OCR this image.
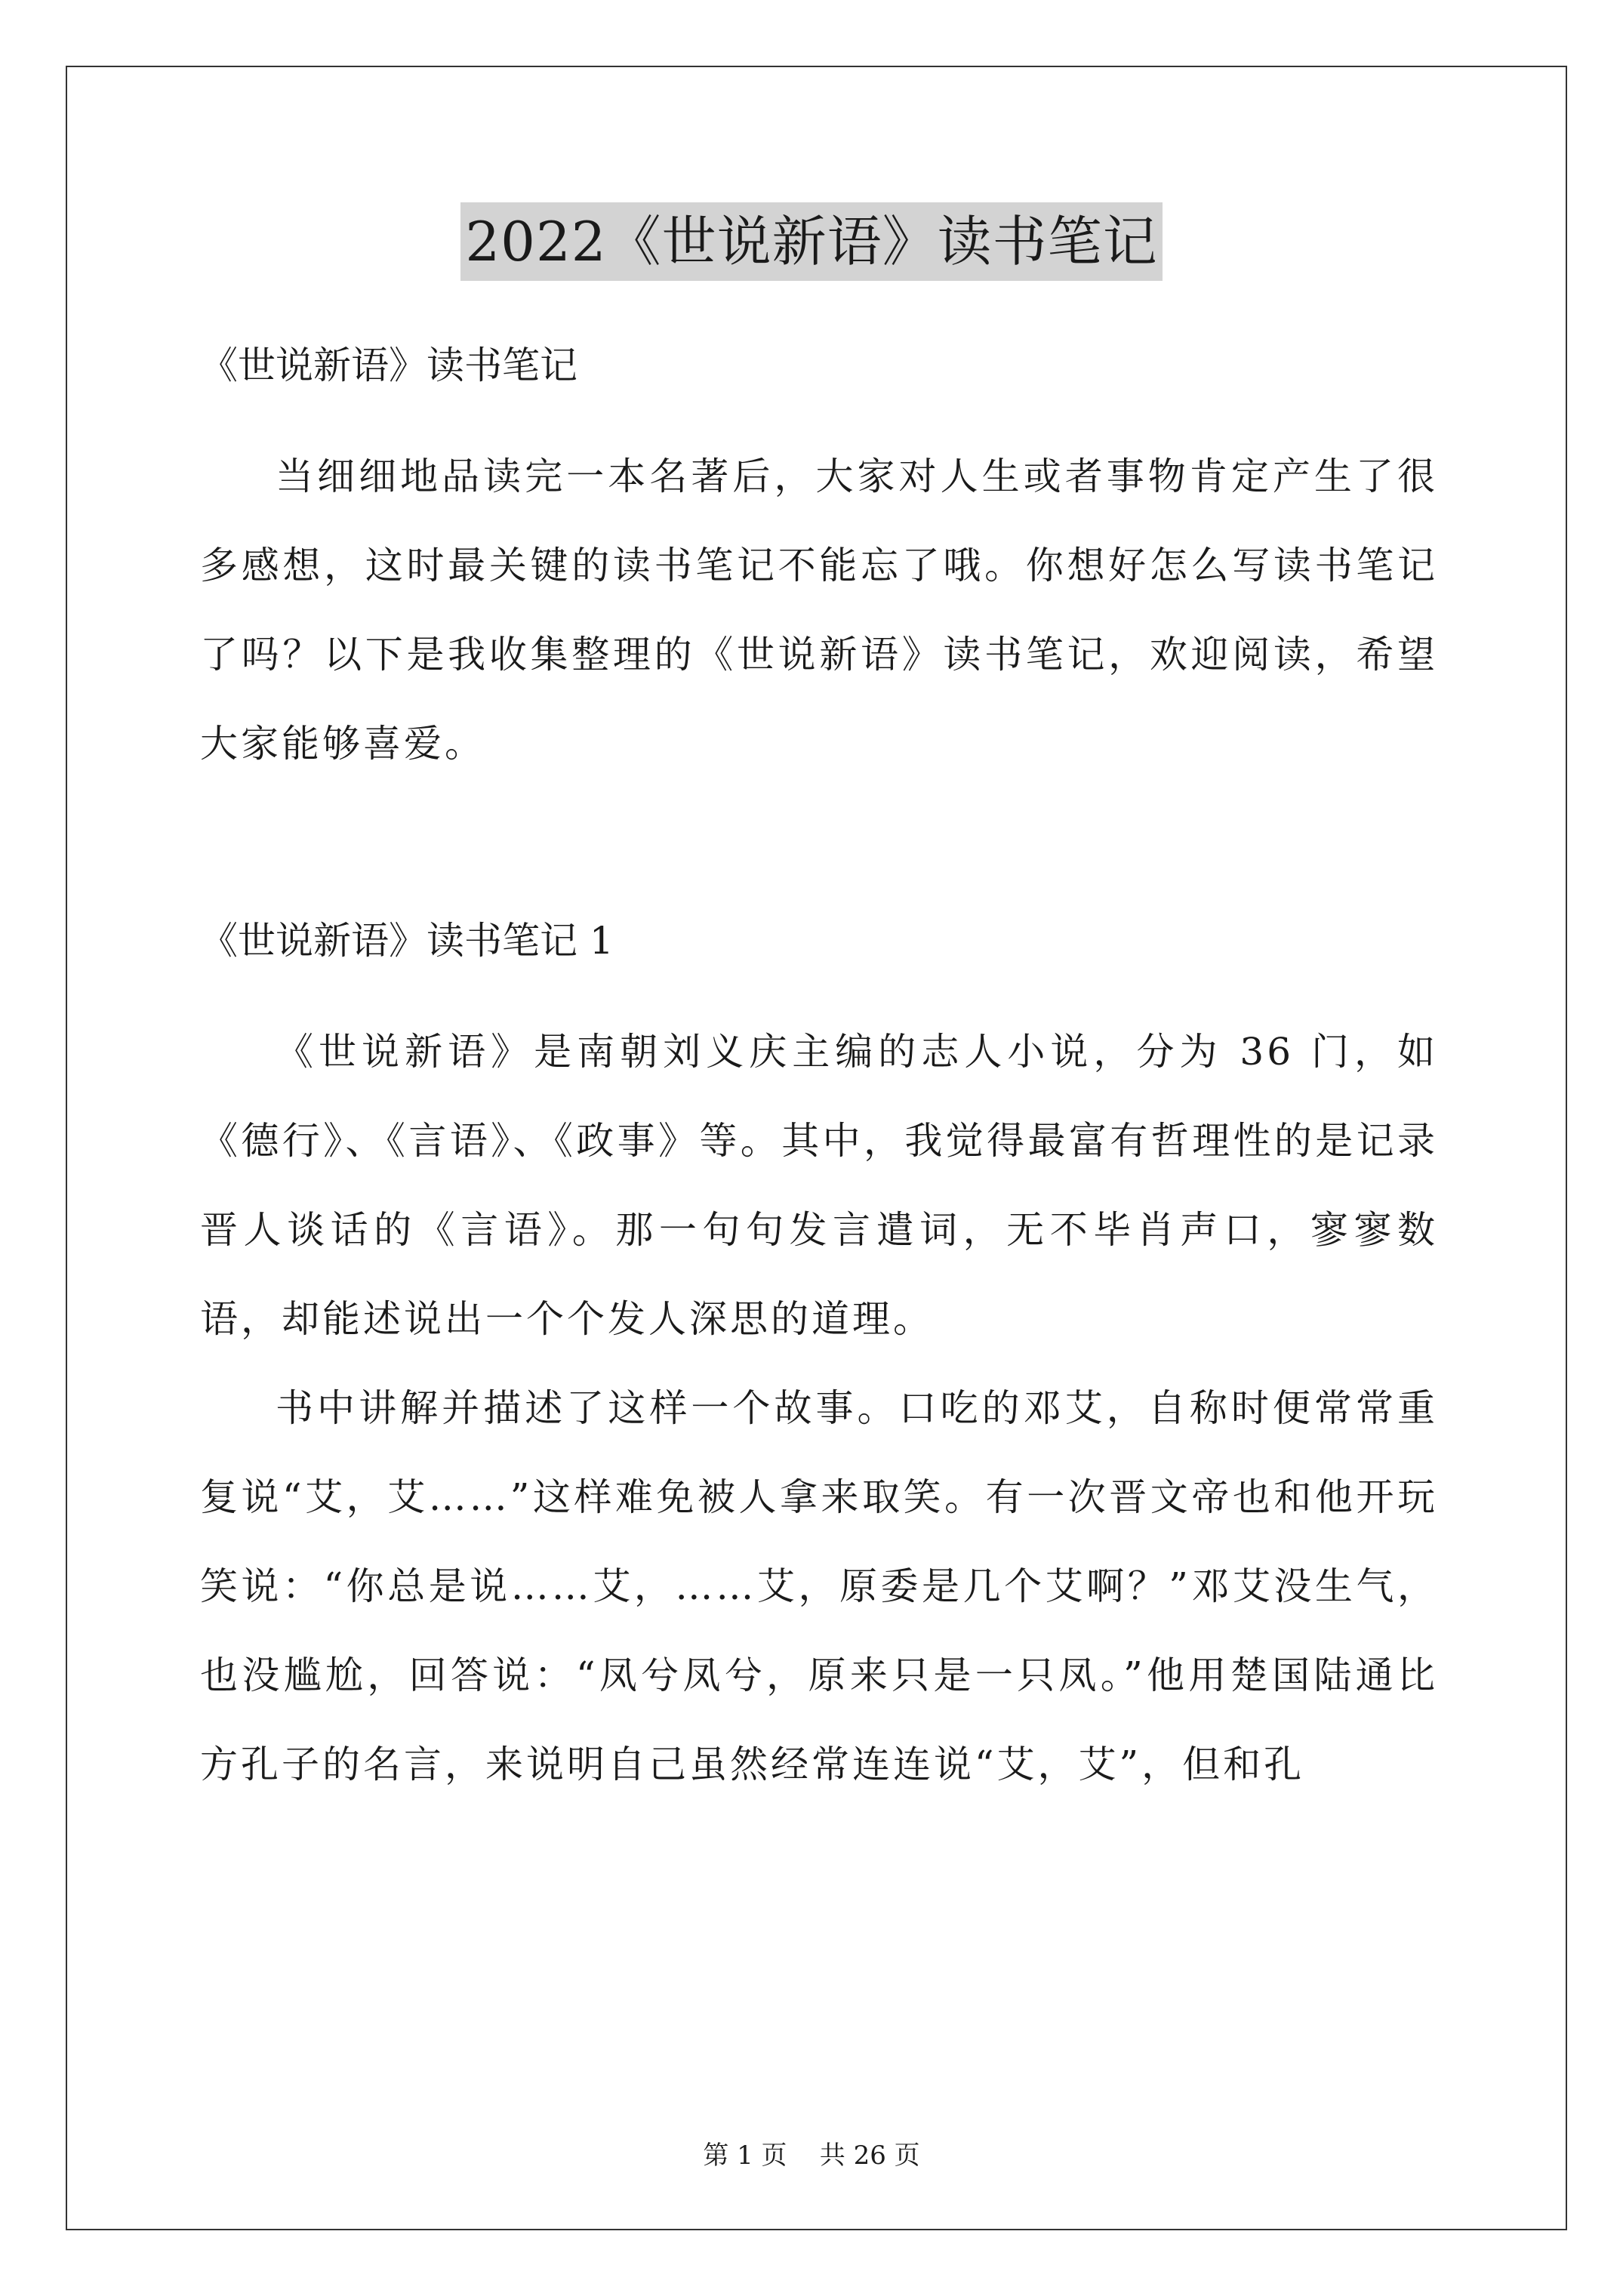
2022《世说新语》读书笔记

《世说新语》读书笔记

当细细地品读完一本名著后，大家对人生或者事物肯定产生了很多感想，这时最关键的读书笔记不能忘了哦。你想好怎么写读书笔记了吗？以下是我收集整理的《世说新语》读书笔记，欢迎阅读，希望大家能够喜爱。

《世说新语》读书笔记 1

《世说新语》是南朝刘义庆主编的志人小说，分为 36 门，如《德行》、《言语》、《政事》等。其中，我觉得最富有哲理性的是记录晋人谈话的《言语》。那一句句发言遣词，无不毕肖声口，寥寥数语，却能述说出一个个发人深思的道理。

书中讲解并描述了这样一个故事。口吃的邓艾，自称时便常常重复说“艾，艾……”这样难免被人拿来取笑。有一次晋文帝也和他开玩笑说：“你总是说……艾，……艾，原委是几个艾啊？”邓艾没生气，也没尴尬，回答说：“凤兮凤兮，原来只是一只凤。”他用楚国陆通比方孔子的名言，来说明自己虽然经常连连说“艾，艾”，但和孔

第 1 页    共 26 页
